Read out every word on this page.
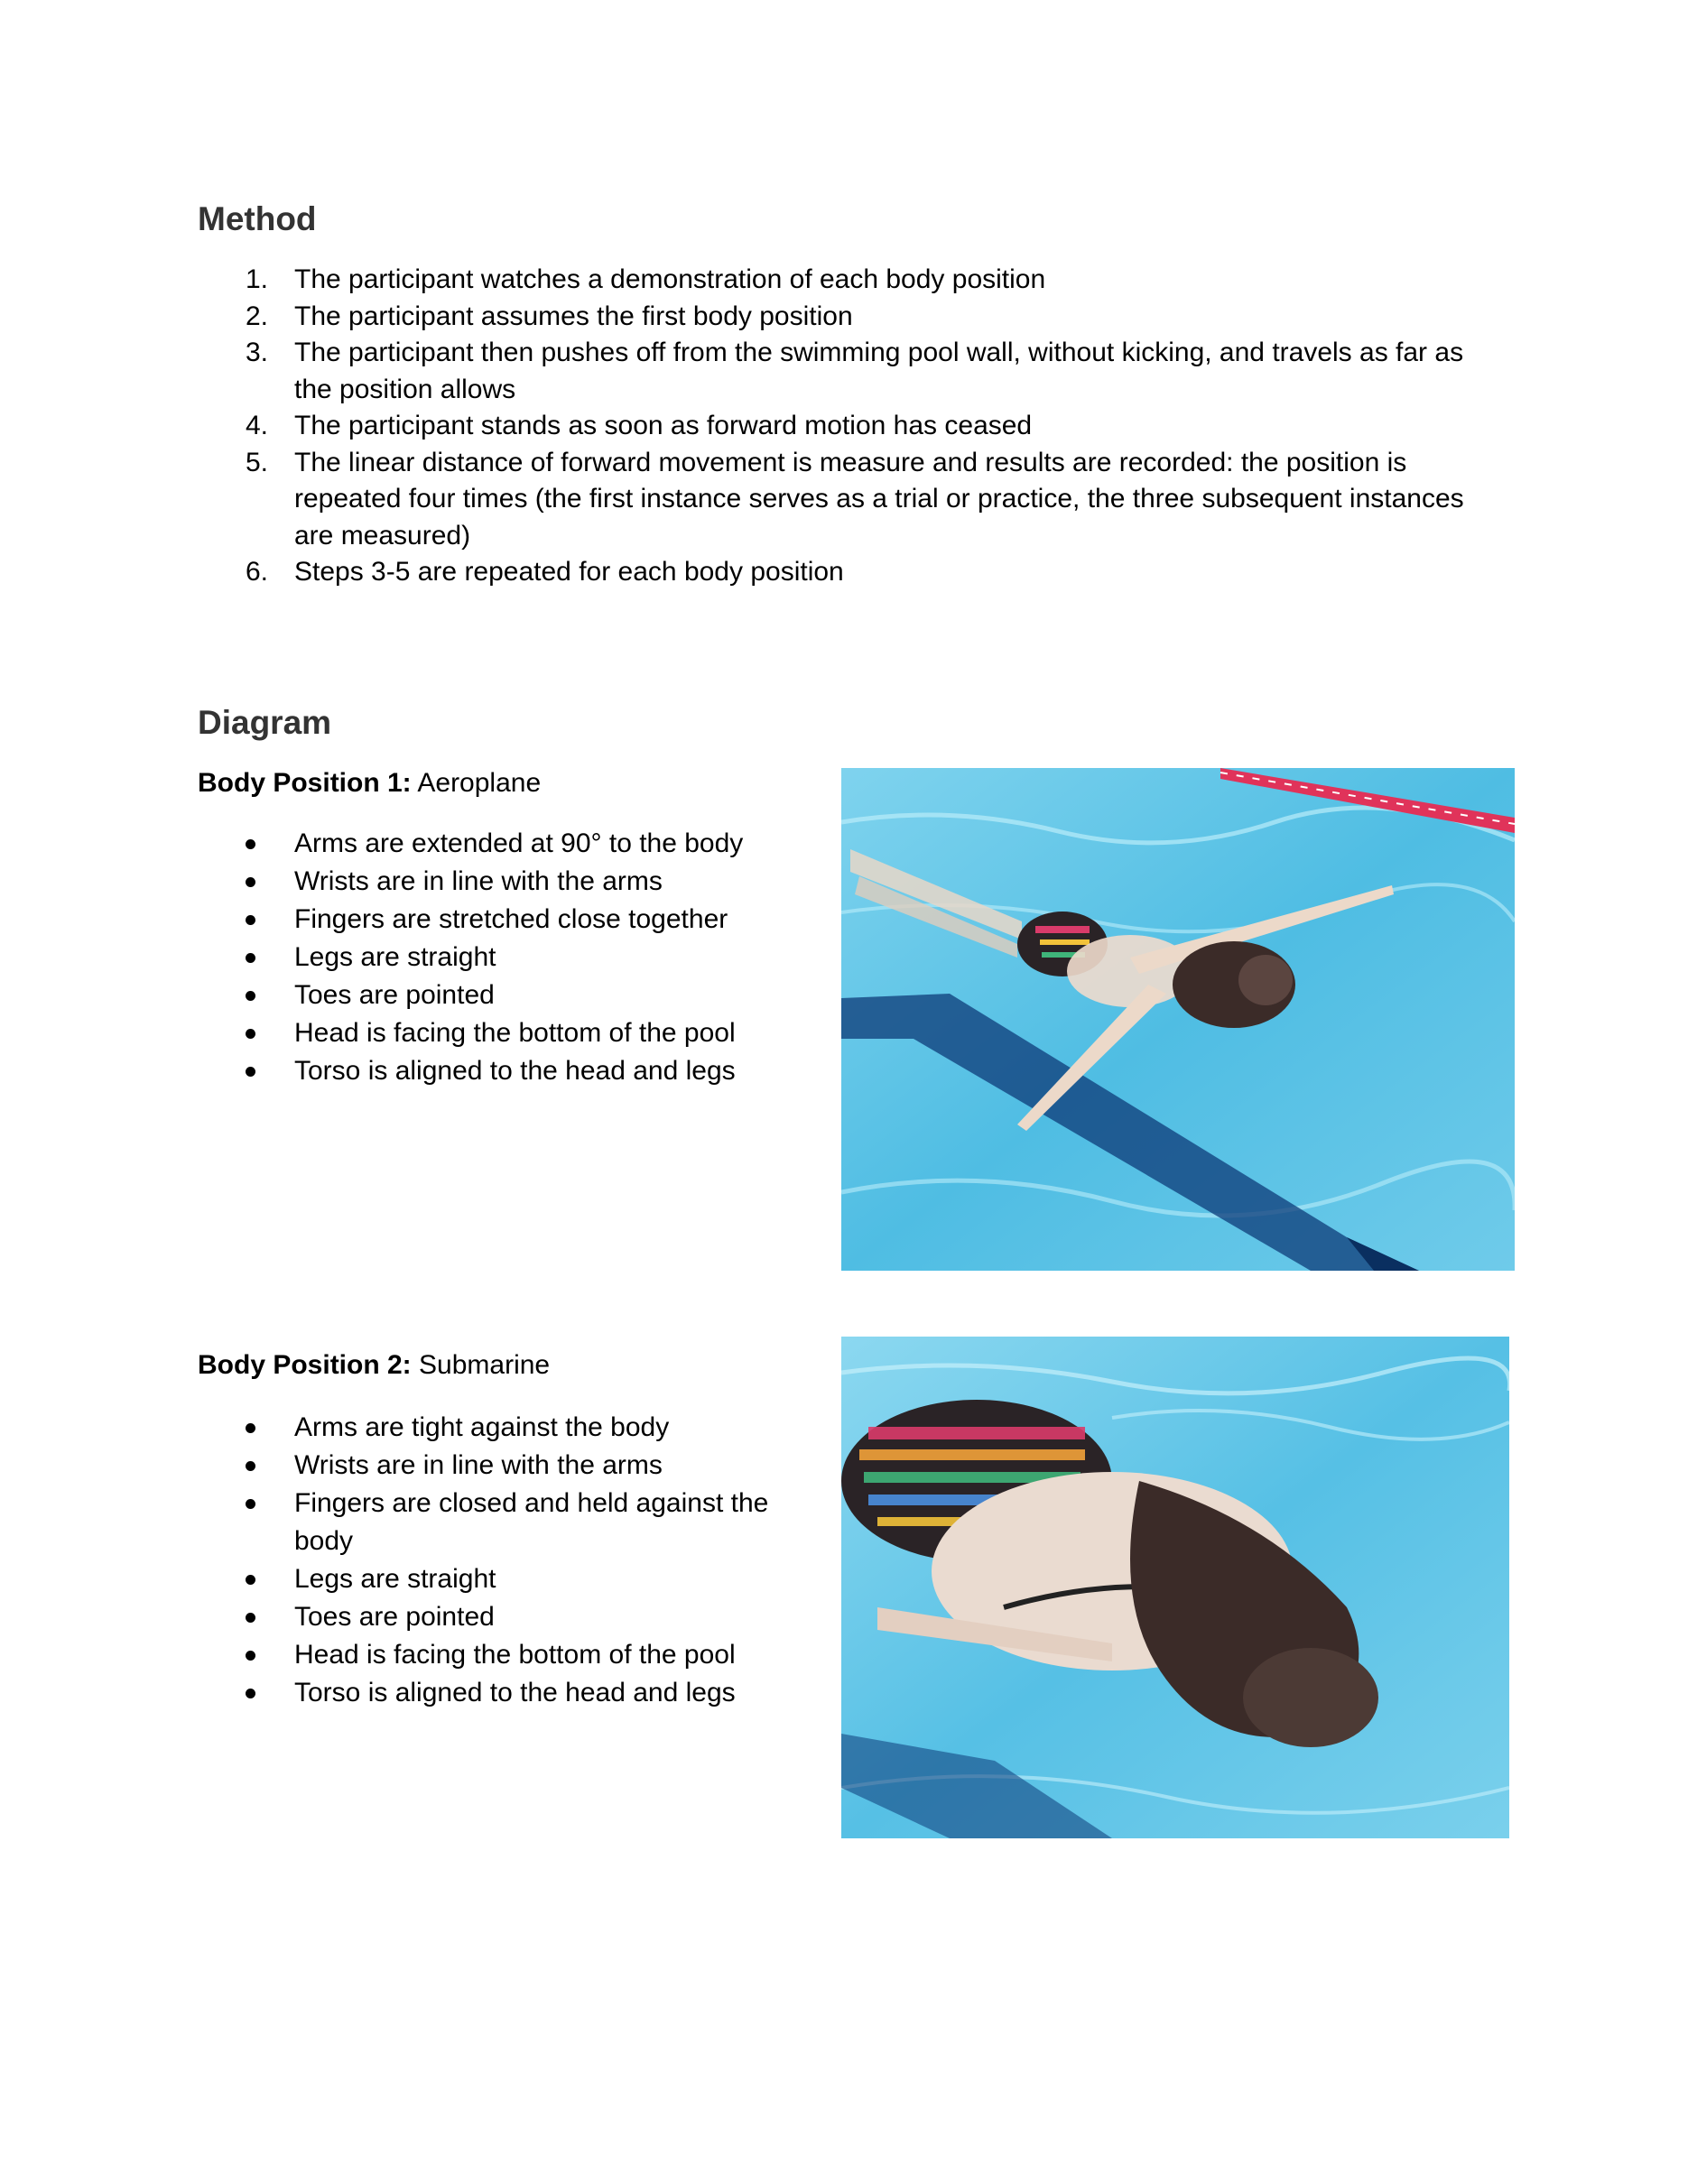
Method
1. The participant watches a demonstration of each body position
2. The participant assumes the first body position
3. The participant then pushes off from the swimming pool wall, without kicking, and travels as far as the position allows
4. The participant stands as soon as forward motion has ceased
5. The linear distance of forward movement is measure and results are recorded: the position is repeated four times (the first instance serves as a trial or practice, the three subsequent instances are measured)
6. Steps 3-5 are repeated for each body position
Diagram

Body Position 1: Aeroplane

Arms are extended at 90° to the body
Wrists are in line with the arms
Fingers are stretched close together
Legs are straight
Toes are pointed
Head is facing the bottom of the pool
Torso is aligned to the head and legs

Body Position 2: Submarine

Arms are tight against the body
Wrists are in line with the arms
Fingers are closed and held against the body
Legs are straight
Toes are pointed
Head is facing the bottom of the pool
Torso is aligned to the head and legs
